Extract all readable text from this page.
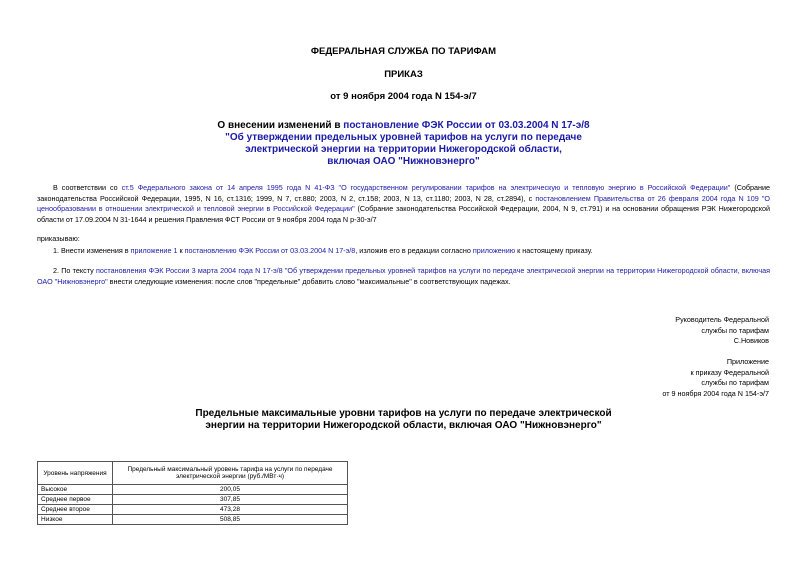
ФЕДЕРАЛЬНАЯ СЛУЖБА ПО ТАРИФАМ
ПРИКАЗ
от 9 ноября 2004 года N 154-э/7
О внесении изменений в постановление ФЭК России от 03.03.2004 N 17-э/8
"Об утверждении предельных уровней тарифов на услуги по передаче
электрической энергии на территории Нижегородской области,
включая ОАО "Нижновэнерго"
В соответствии со ст.5 Федерального закона от 14 апреля 1995 года N 41-ФЗ "О государственном регулировании тарифов на электрическую и тепловую энергию в Российской Федерации" (Собрание законодательства Российской Федерации, 1995, N 16, ст.1316; 1999, N 7, ст.880; 2003, N 2, ст.158; 2003, N 13, ст.1180; 2003, N 28, ст.2894), с постановлением Правительства от 26 февраля 2004 года N 109 "О ценообразовании в отношении электрической и тепловой энергии в Российской Федерации" (Собрание законодательства Российской Федерации, 2004, N 9, ст.791) и на основании обращения РЭК Нижегородской области от 17.09.2004 N 31-1644 и решения Правления ФСТ России от 9 ноября 2004 года N р-30-э/7
приказываю:
1. Внести изменения в приложение 1 к постановлению ФЭК России от 03.03.2004 N 17-э/8, изложив его в редакции согласно приложению к настоящему приказу.
2. По тексту постановления ФЭК России 3 марта 2004 года N 17-э/8 "Об утверждении предельных уровней тарифов на услуги по передаче электрической энергии на территории Нижегородской области, включая ОАО "Нижновэнерго" внести следующие изменения: после слов "предельные" добавить слово "максимальные" в соответствующих падежах.
Руководитель Федеральной
службы по тарифам
С.Новиков
Приложение
к приказу Федеральной
службы по тарифам
от 9 ноября 2004 года N 154-э/7
Предельные максимальные уровни тарифов на услуги по передаче электрической
энергии на территории Нижегородской области, включая ОАО "Нижновэнерго"
Уровень напряжения	Предельный максимальный уровень тарифа на услуги по передаче
электрической энергии (руб./МВт·ч)

Высокое	200,05
Среднее первое	307,85
Среднее второе	473,28
Низкое	508,85
